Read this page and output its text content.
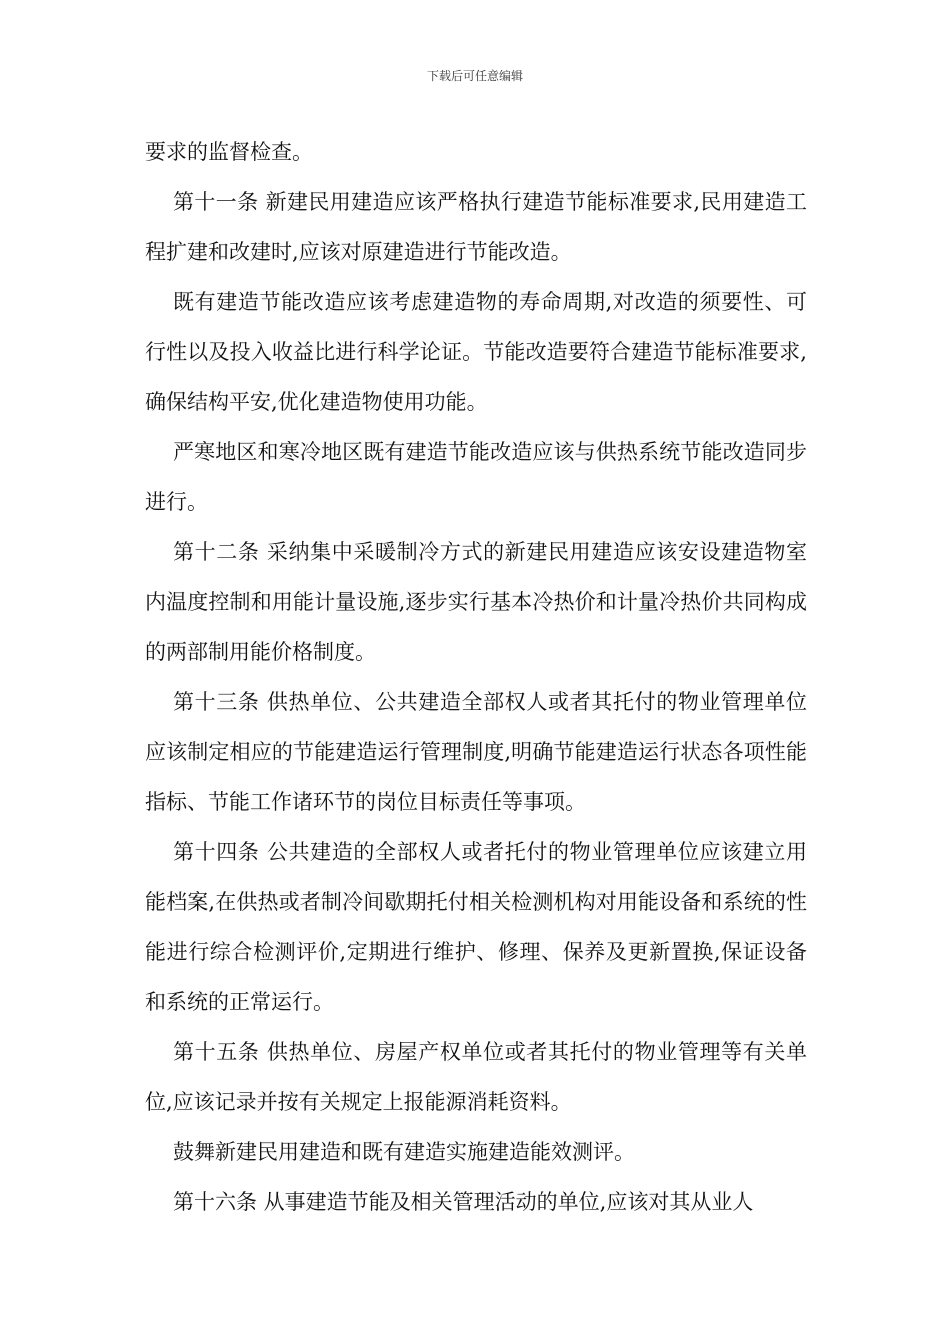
下载后可任意编辑

要求的监督检查。

第十一条 新建民用建造应该严格执行建造节能标准要求,民用建造工程扩建和改建时,应该对原建造进行节能改造。

既有建造节能改造应该考虑建造物的寿命周期,对改造的须要性、可行性以及投入收益比进行科学论证。节能改造要符合建造节能标准要求,确保结构平安,优化建造物使用功能。

严寒地区和寒冷地区既有建造节能改造应该与供热系统节能改造同步进行。

第十二条 采纳集中采暖制冷方式的新建民用建造应该安设建造物室内温度控制和用能计量设施,逐步实行基本冷热价和计量冷热价共同构成的两部制用能价格制度。

第十三条 供热单位、公共建造全部权人或者其托付的物业管理单位应该制定相应的节能建造运行管理制度,明确节能建造运行状态各项性能指标、节能工作诸环节的岗位目标责任等事项。

第十四条 公共建造的全部权人或者托付的物业管理单位应该建立用能档案,在供热或者制冷间歇期托付相关检测机构对用能设备和系统的性能进行综合检测评价,定期进行维护、修理、保养及更新置换,保证设备和系统的正常运行。

第十五条 供热单位、房屋产权单位或者其托付的物业管理等有关单位,应该记录并按有关规定上报能源消耗资料。

鼓舞新建民用建造和既有建造实施建造能效测评。

第十六条 从事建造节能及相关管理活动的单位,应该对其从业人
